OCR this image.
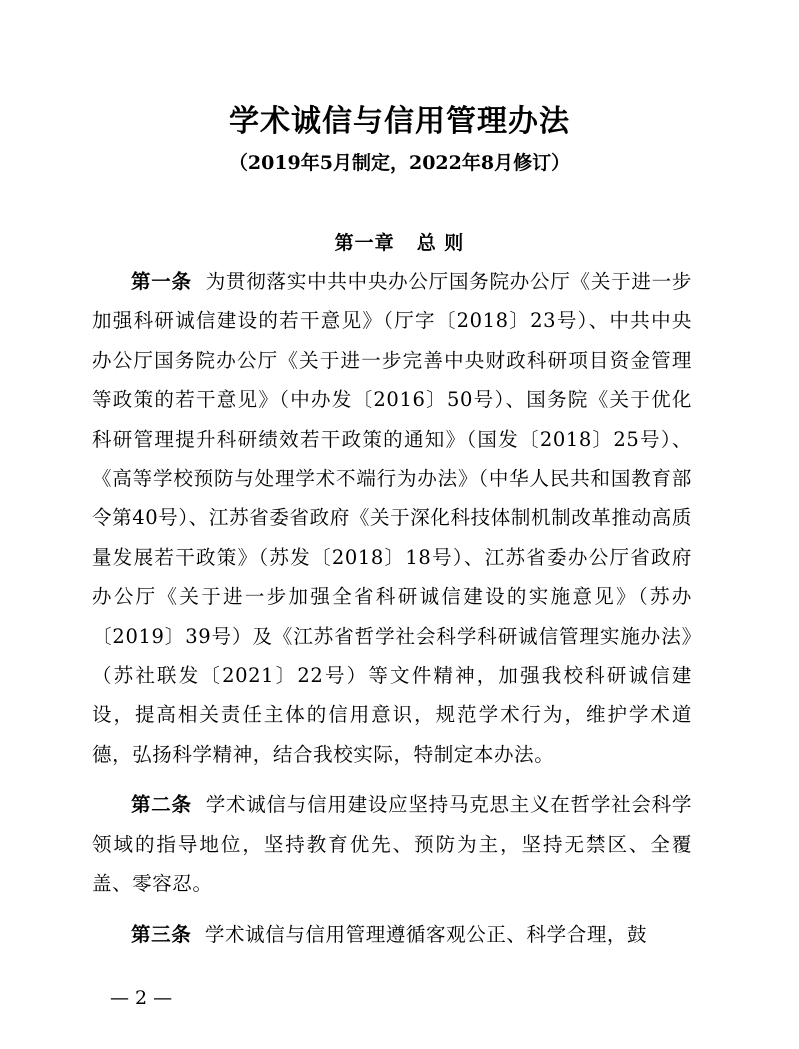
学术诚信与信用管理办法
（2019年5月制定，2022年8月修订）
第一章 总 则

第一条 为贯彻落实中共中央办公厅国务院办公厅《关于进一步加强科研诚信建设的若干意见》（厅字〔2018〕23号）、中共中央办公厅国务院办公厅《关于进一步完善中央财政科研项目资金管理等政策的若干意见》（中办发〔2016〕50号）、国务院《关于优化科研管理提升科研绩效若干政策的通知》（国发〔2018〕25号）、《高等学校预防与处理学术不端行为办法》（中华人民共和国教育部令第40号）、江苏省委省政府《关于深化科技体制机制改革推动高质量发展若干政策》（苏发〔2018〕18号）、江苏省委办公厅省政府办公厅《关于进一步加强全省科研诚信建设的实施意见》（苏办〔2019〕39号）及《江苏省哲学社会科学科研诚信管理实施办法》（苏社联发〔2021〕22号）等文件精神，加强我校科研诚信建设，提高相关责任主体的信用意识，规范学术行为，维护学术道德，弘扬科学精神，结合我校实际，特制定本办法。

第二条 学术诚信与信用建设应坚持马克思主义在哲学社会科学领域的指导地位，坚持教育优先、预防为主，坚持无禁区、全覆盖、零容忍。

第三条 学术诚信与信用管理遵循客观公正、科学合理，鼓

— 2 —
